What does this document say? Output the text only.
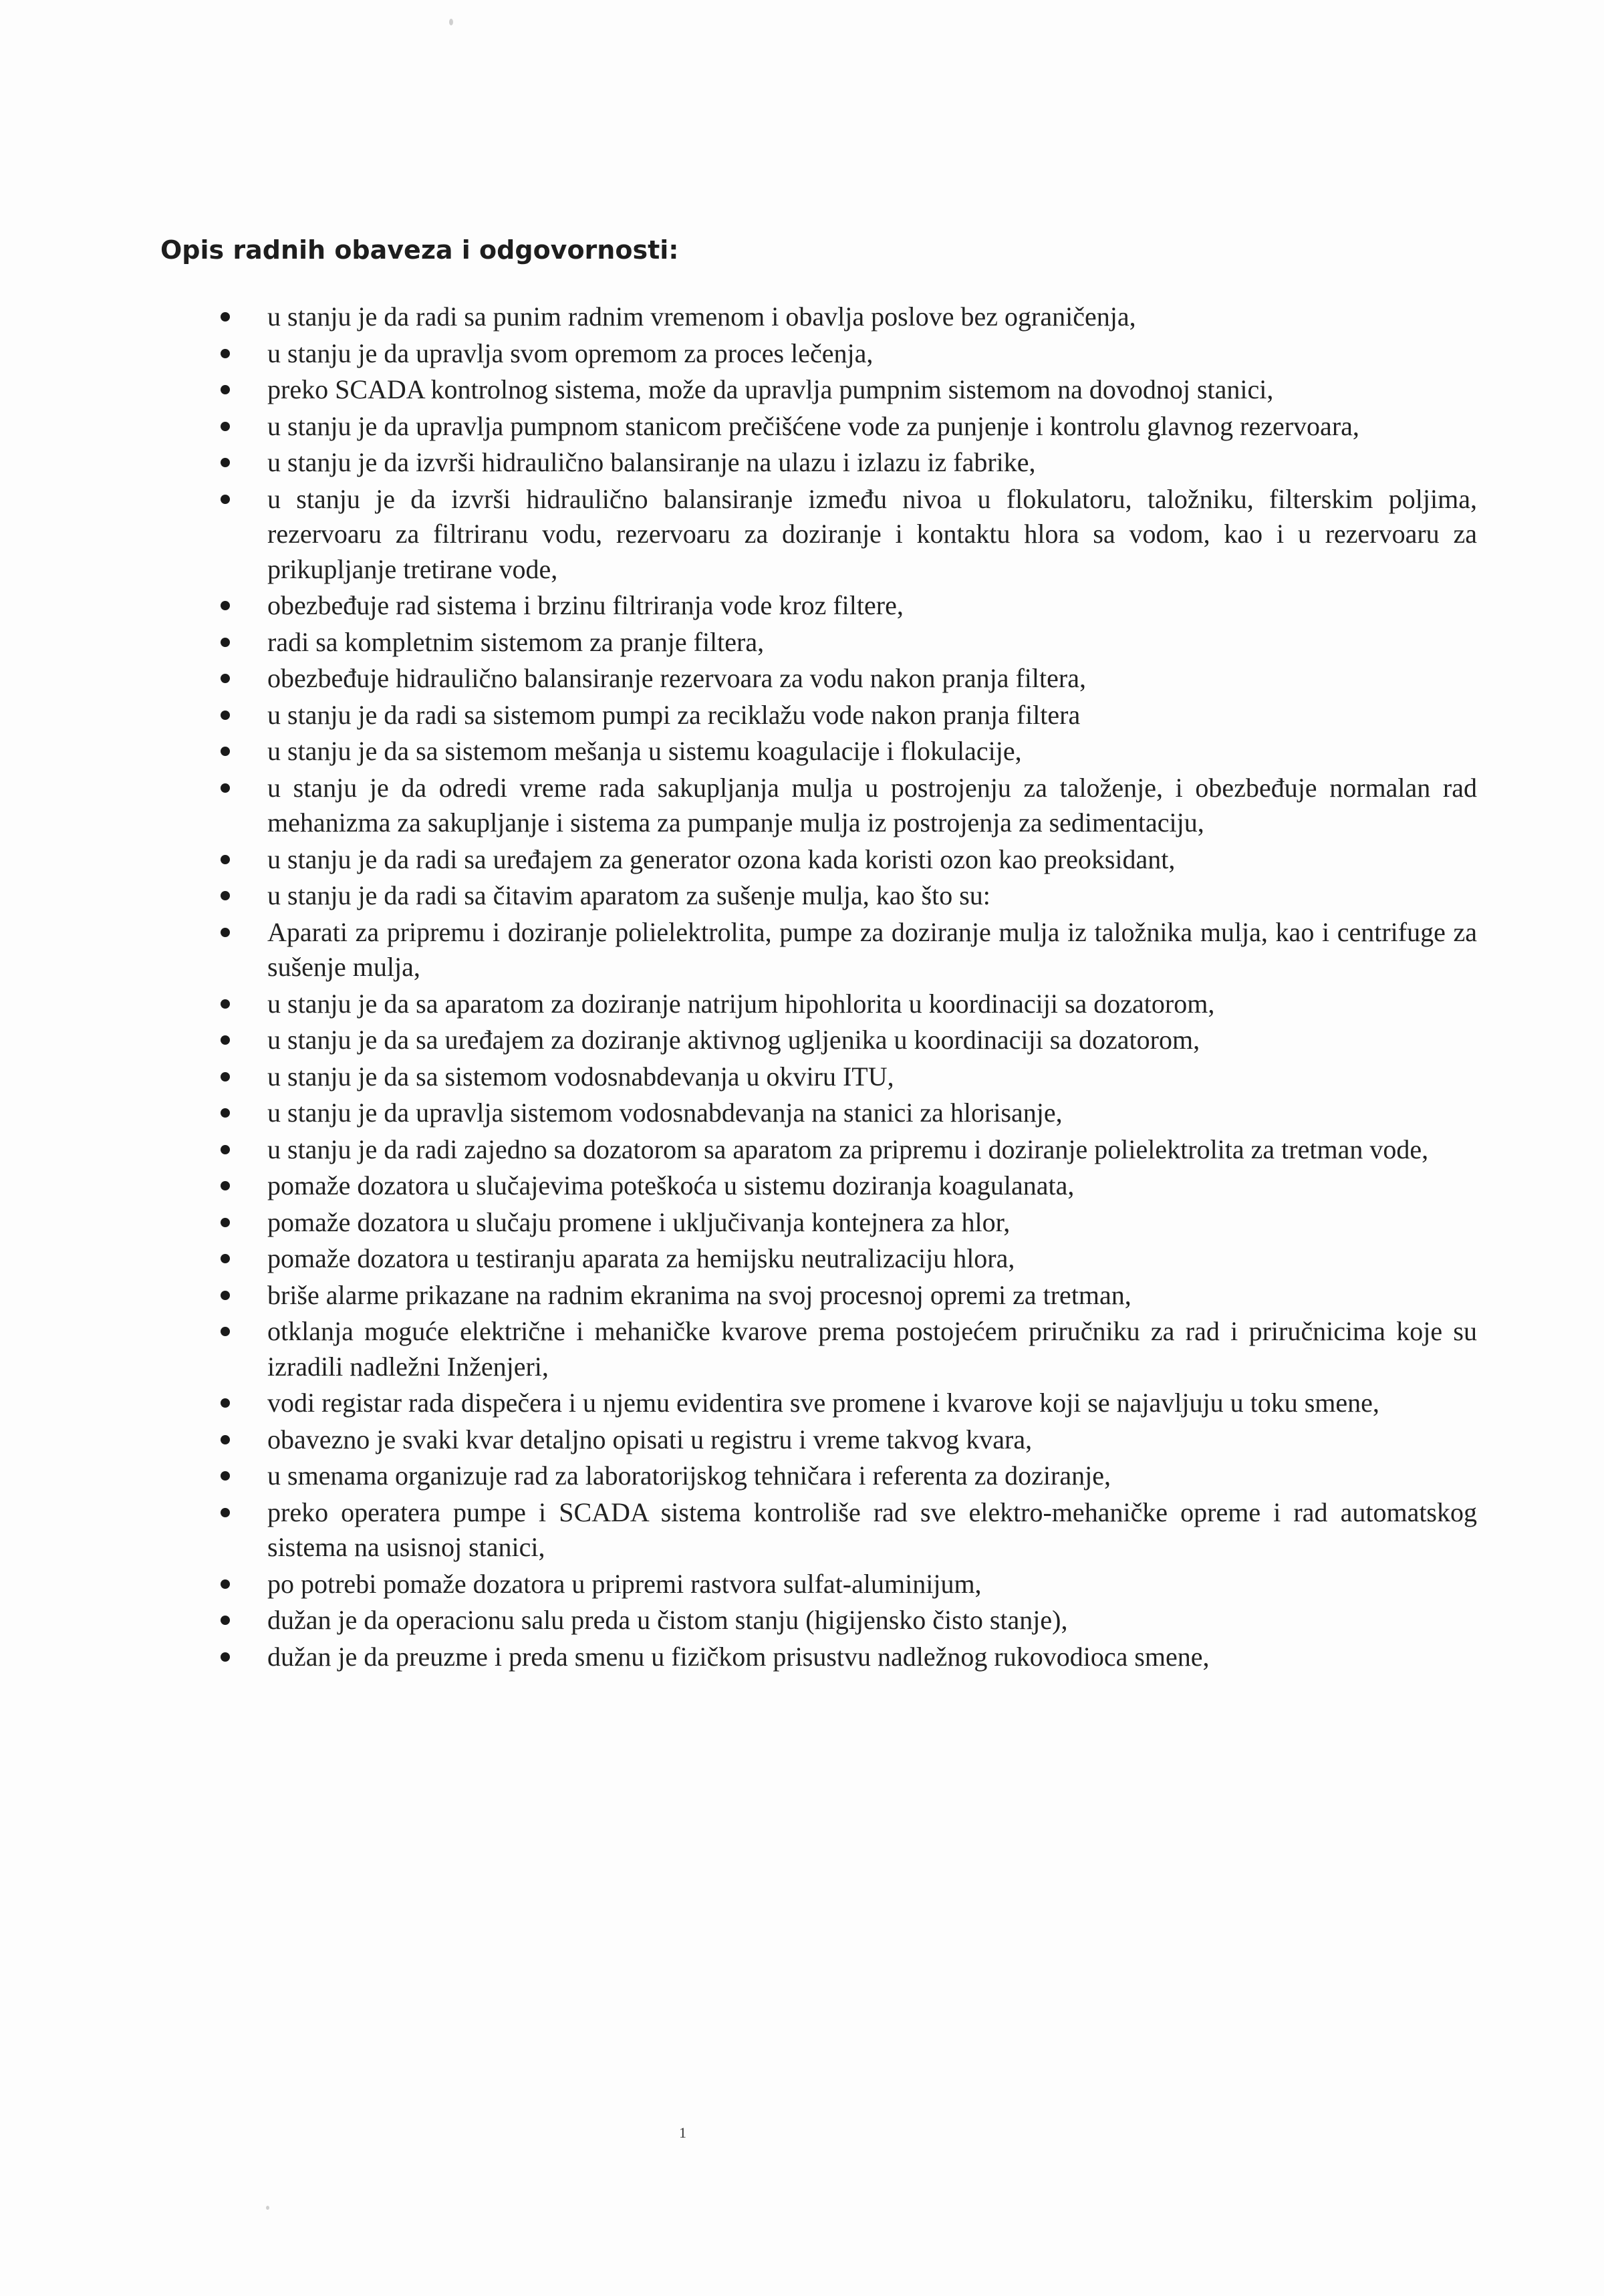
Opis radnih obaveza i odgovornosti:
u stanju je da radi sa punim radnim vremenom i obavlja poslove bez ograničenja,
u stanju je da upravlja svom opremom za proces lečenja,
preko SCADA kontrolnog sistema, može da upravlja pumpnim sistemom na dovodnoj stanici,
u stanju je da upravlja pumpnom stanicom prečišćene vode za punjenje i kontrolu glavnog rezervoara,
u stanju je da izvrši hidraulično balansiranje na ulazu i izlazu iz fabrike,
u stanju je da izvrši hidraulično balansiranje između nivoa u flokulatoru, taložniku, filterskim poljima, rezervoaru za filtriranu vodu, rezervoaru za doziranje i kontaktu hlora sa vodom, kao i u rezervoaru za prikupljanje tretirane vode,
obezbeđuje rad sistema i brzinu filtriranja vode kroz filtere,
radi sa kompletnim sistemom za pranje filtera,
obezbeđuje hidraulično balansiranje rezervoara za vodu nakon pranja filtera,
u stanju je da radi sa sistemom pumpi za reciklažu vode nakon pranja filtera
u stanju je da sa sistemom mešanja u sistemu koagulacije i flokulacije,
u stanju je da odredi vreme rada sakupljanja mulja u postrojenju za taloženje, i obezbeđuje normalan rad mehanizma za sakupljanje i sistema za pumpanje mulja iz postrojenja za sedimentaciju,
u stanju je da radi sa uređajem za generator ozona kada koristi ozon kao preoksidant,
u stanju je da radi sa čitavim aparatom za sušenje mulja, kao što su:
Aparati za pripremu i doziranje polielektrolita, pumpe za doziranje mulja iz taložnika mulja, kao i centrifuge za sušenje mulja,
u stanju je da sa aparatom za doziranje natrijum hipohlorita u koordinaciji sa dozatorom,
u stanju je da sa uređajem za doziranje aktivnog ugljenika u koordinaciji sa dozatorom,
u stanju je da sa sistemom vodosnabdevanja u okviru ITU,
u stanju je da upravlja sistemom vodosnabdevanja na stanici za hlorisanje,
u stanju je da radi zajedno sa dozatorom sa aparatom za pripremu i doziranje polielektrolita za tretman vode,
pomaže dozatora u slučajevima poteškoća u sistemu doziranja koagulanata,
pomaže dozatora u slučaju promene i uključivanja kontejnera za hlor,
pomaže dozatora u testiranju aparata za hemijsku neutralizaciju hlora,
briše alarme prikazane na radnim ekranima na svoj procesnoj opremi za tretman,
otklanja moguće električne i mehaničke kvarove prema postojećem priručniku za rad i priručnicima koje su izradili nadležni Inženjeri,
vodi registar rada dispečera i u njemu evidentira sve promene i kvarove koji se najavljuju u toku smene,
obavezno je svaki kvar detaljno opisati u registru i vreme takvog kvara,
u smenama organizuje rad za laboratorijskog tehničara i referenta za doziranje,
preko operatera pumpe i SCADA sistema kontroliše rad sve elektro-mehaničke opreme i rad automatskog sistema na usisnoj stanici,
po potrebi pomaže dozatora u pripremi rastvora sulfat-aluminijum,
dužan je da operacionu salu preda u čistom stanju (higijensko čisto stanje),
dužan je da preuzme i preda smenu u fizičkom prisustvu nadležnog rukovodioca smene,
1
